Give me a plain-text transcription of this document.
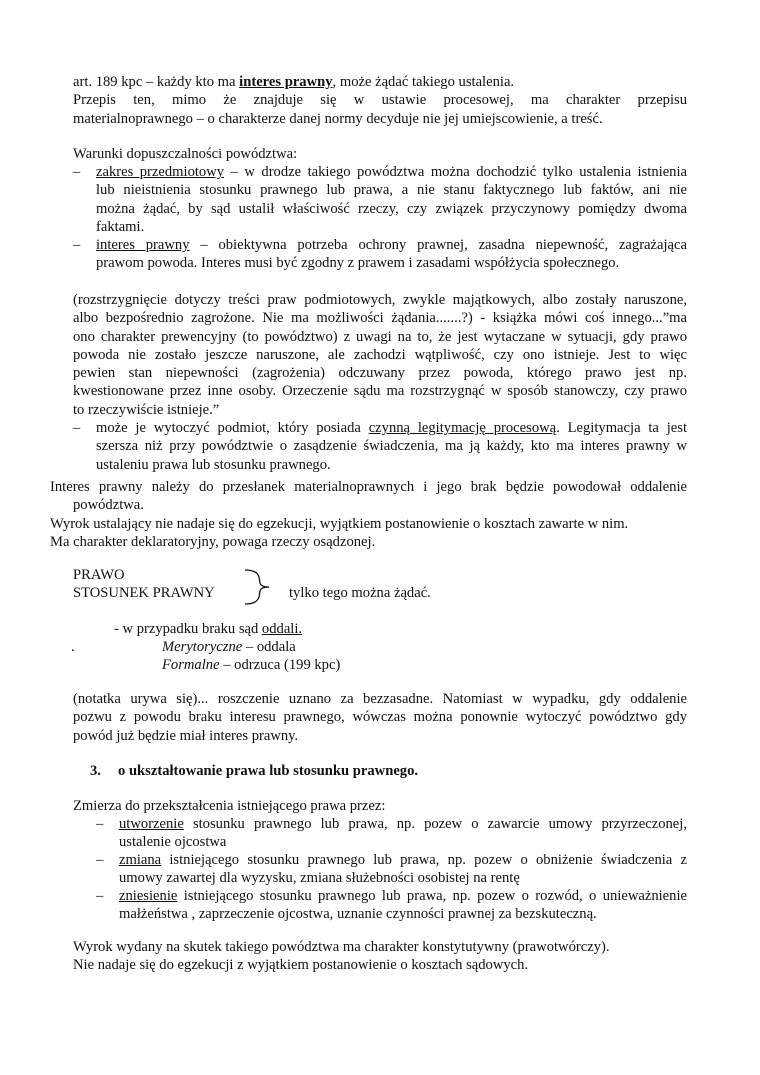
art. 189 kpc – każdy kto ma interes prawny, może żądać takiego ustalenia.
Przepis ten, mimo że znajduje się w ustawie procesowej, ma charakter przepisu
materialnoprawnego – o charakterze danej normy decyduje nie jej umiejscowienie, a treść.
Warunki dopuszczalności powództwa:
– zakres przedmiotowy – w drodze takiego powództwa można dochodzić tylko ustalenia istnienia
lub nieistnienia stosunku prawnego lub prawa, a nie stanu faktycznego lub faktów, ani nie
można żądać, by sąd ustalił właściwość rzeczy, czy związek przyczynowy pomiędzy dwoma
faktami.
– interes prawny – obiektywna potrzeba ochrony prawnej, zasadna niepewność, zagrażająca
prawom powoda. Interes musi być zgodny z prawem i zasadami współżycia społecznego.
(rozstrzygnięcie dotyczy treści praw podmiotowych, zwykle majątkowych, albo zostały naruszone,
albo bezpośrednio zagrożone. Nie ma możliwości żądania.......?) - książka mówi coś innego...”ma
ono charakter prewencyjny (to powództwo) z uwagi na to, że jest wytaczane w sytuacji, gdy prawo
powoda nie zostało jeszcze naruszone, ale zachodzi wątpliwość, czy ono istnieje. Jest to więc
pewien stan niepewności (zagrożenia) odczuwany przez powoda, którego prawo jest np.
kwestionowane przez inne osoby. Orzeczenie sądu ma rozstrzygnąć w sposób stanowczy, czy prawo
to rzeczywiście istnieje.”
– może je wytoczyć podmiot, który posiada czynną legitymację procesową. Legitymacja ta jest
szersza niż przy powództwie o zasądzenie świadczenia, ma ją każdy, kto ma interes prawny w
ustaleniu prawa lub stosunku prawnego.
Interes prawny należy do przesłanek materialnoprawnych i jego brak będzie powodował oddalenie
powództwa.
Wyrok ustalający nie nadaje się do egzekucji, wyjątkiem postanowienie o kosztach zawarte w nim.
Ma charakter deklaratoryjny, powaga rzeczy osądzonej.
PRAWO
STOSUNEK PRAWNY	tylko tego można żądać.
- w przypadku braku sąd oddali.
.	Merytoryczne – oddala
Formalne – odrzuca (199 kpc)
(notatka urywa się)... roszczenie uznano za bezzasadne. Natomiast w wypadku, gdy oddalenie
pozwu z powodu braku interesu prawnego, wówczas można ponownie wytoczyć powództwo gdy
powód już będzie miał interes prawny.
3. o ukształtowanie prawa lub stosunku prawnego.
Zmierza do przekształcenia istniejącego prawa przez:
– utworzenie stosunku prawnego lub prawa, np. pozew o zawarcie umowy przyrzeczonej,
ustalenie ojcostwa
– zmiana istniejącego stosunku prawnego lub prawa, np. pozew o obniżenie świadczenia z
umowy zawartej dla wyzysku, zmiana służebności osobistej na rentę
– zniesienie istniejącego stosunku prawnego lub prawa, np. pozew o rozwód, o unieważnienie
małżeństwa , zaprzeczenie ojcostwa, uznanie czynności prawnej za bezskuteczną.
Wyrok wydany na skutek takiego powództwa ma charakter konstytutywny (prawotwórczy).
Nie nadaje się do egzekucji z wyjątkiem postanowienie o kosztach sądowych.
